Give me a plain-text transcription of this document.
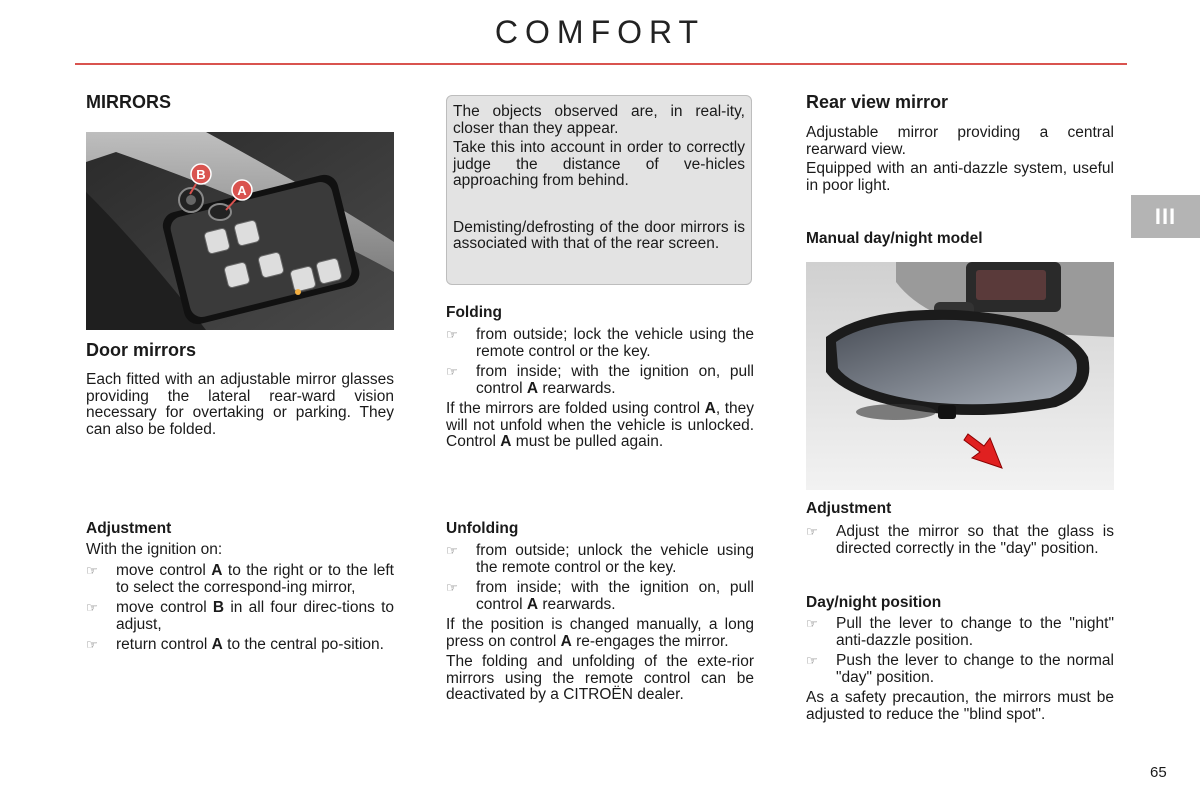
COMFORT
III
MIRRORS
B
A
Door mirrors

Each fitted with an adjustable mirror glasses providing the lateral rear-ward vision necessary for overtaking or parking. They can also be folded.

Adjustment

With the ignition on:

☞ move control A to the right or to the left to select the correspond-ing mirror,
☞ move control B in all four direc-tions to adjust,
☞ return control A to the central po-sition.

The objects observed are, in real-ity, closer than they appear.

Take this into account in order to correctly judge the distance of ve-hicles approaching from behind.

Demisting/defrosting of the door mirrors is associated with that of the rear screen.

Folding
☞ from outside; lock the vehicle using the remote control or the key.
☞ from inside; with the ignition on, pull control A rearwards.

If the mirrors are folded using control A, they will not unfold when the vehicle is unlocked. Control A must be pulled again.

Unfolding
☞ from outside; unlock the vehicle using the remote control or the key.
☞ from inside; with the ignition on, pull control A rearwards.

If the position is changed manually, a long press on control A re-engages the mirror.

The folding and unfolding of the exte-rior mirrors using the remote control can be deactivated by a CITROËN dealer.

Rear view mirror

Adjustable mirror providing a central rearward view.

Equipped with an anti-dazzle system, useful in poor light.

Manual day/night model
Adjustment
☞ Adjust the mirror so that the glass is directed correctly in the "day" position.
Day/night position
☞ Pull the lever to change to the "night" anti-dazzle position.
☞ Push the lever to change to the normal "day" position.

As a safety precaution, the mirrors must be adjusted to reduce the "blind spot".

65
